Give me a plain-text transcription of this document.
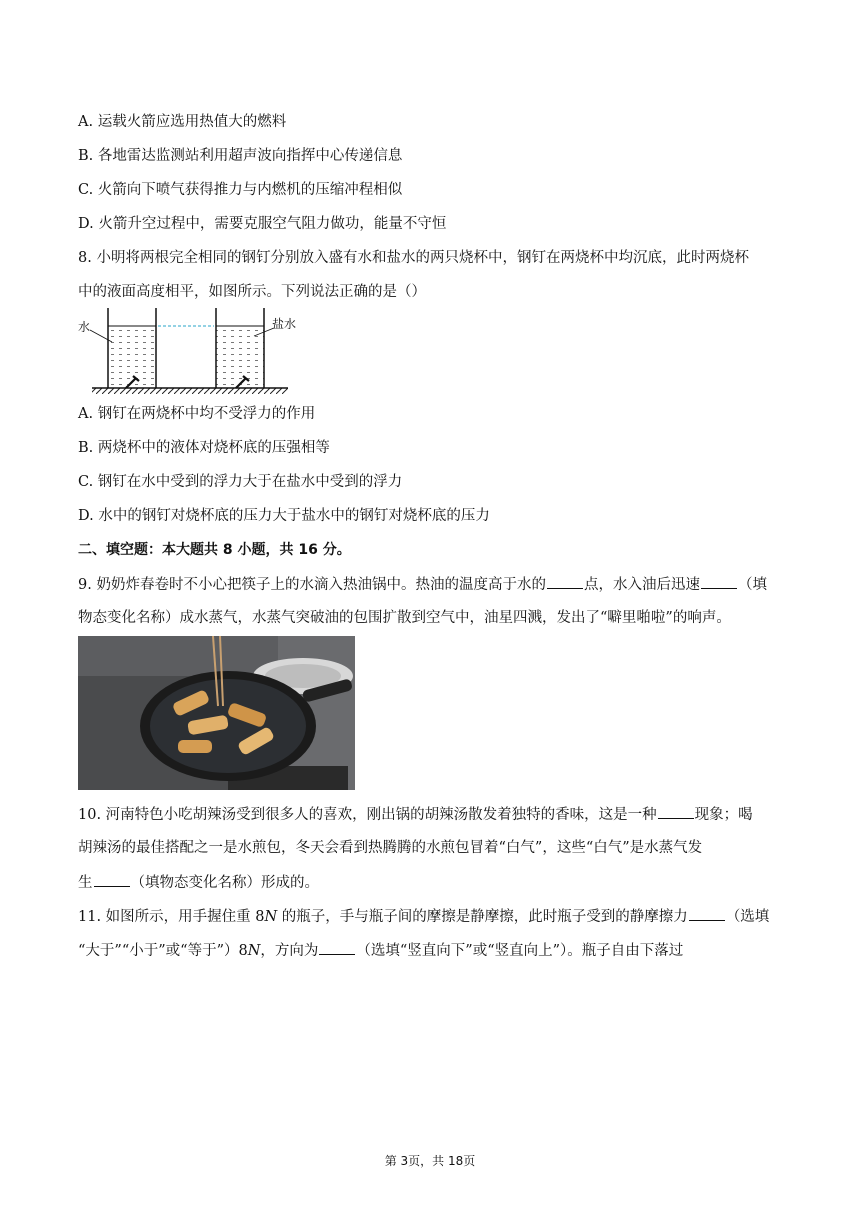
A. 运载火箭应选用热值大的燃料
B. 各地雷达监测站利用超声波向指挥中心传递信息
C. 火箭向下喷气获得推力与内燃机的压缩冲程相似
D. 火箭升空过程中，需要克服空气阻力做功，能量不守恒
8. 小明将两根完全相同的钢钉分别放入盛有水和盐水的两只烧杯中，钢钉在两烧杯中均沉底，此时两烧杯
中的液面高度相平，如图所示。下列说法正确的是（）
水	盐水
A. 钢钉在两烧杯中均不受浮力的作用
B. 两烧杯中的液体对烧杯底的压强相等
C. 钢钉在水中受到的浮力大于在盐水中受到的浮力
D. 水中的钢钉对烧杯底的压力大于盐水中的钢钉对烧杯底的压力
二、填空题：本大题共 8 小题，共 16 分。
9. 奶奶炸春卷时不小心把筷子上的水滴入热油锅中。热油的温度高于水的	点，水入油后迅速	（填
物态变化名称）成水蒸气，水蒸气突破油的包围扩散到空气中，油星四溅，发出了“噼里啪啦”的响声。
10. 河南特色小吃胡辣汤受到很多人的喜欢，刚出锅的胡辣汤散发着独特的香味，这是一种	现象；喝
胡辣汤的最佳搭配之一是水煎包，冬天会看到热腾腾的水煎包冒着“白气”，这些“白气”是水蒸气发
生	（填物态变化名称）形成的。
11. 如图所示，用手握住重 8N 的瓶子，手与瓶子间的摩擦是静摩擦，此时瓶子受到的静摩擦力	（选填
“大于”“小于”或“等于”）8N，方向为	（选填“竖直向下”或“竖直向上”）。瓶子自由下落过
第 3页，共 18页
